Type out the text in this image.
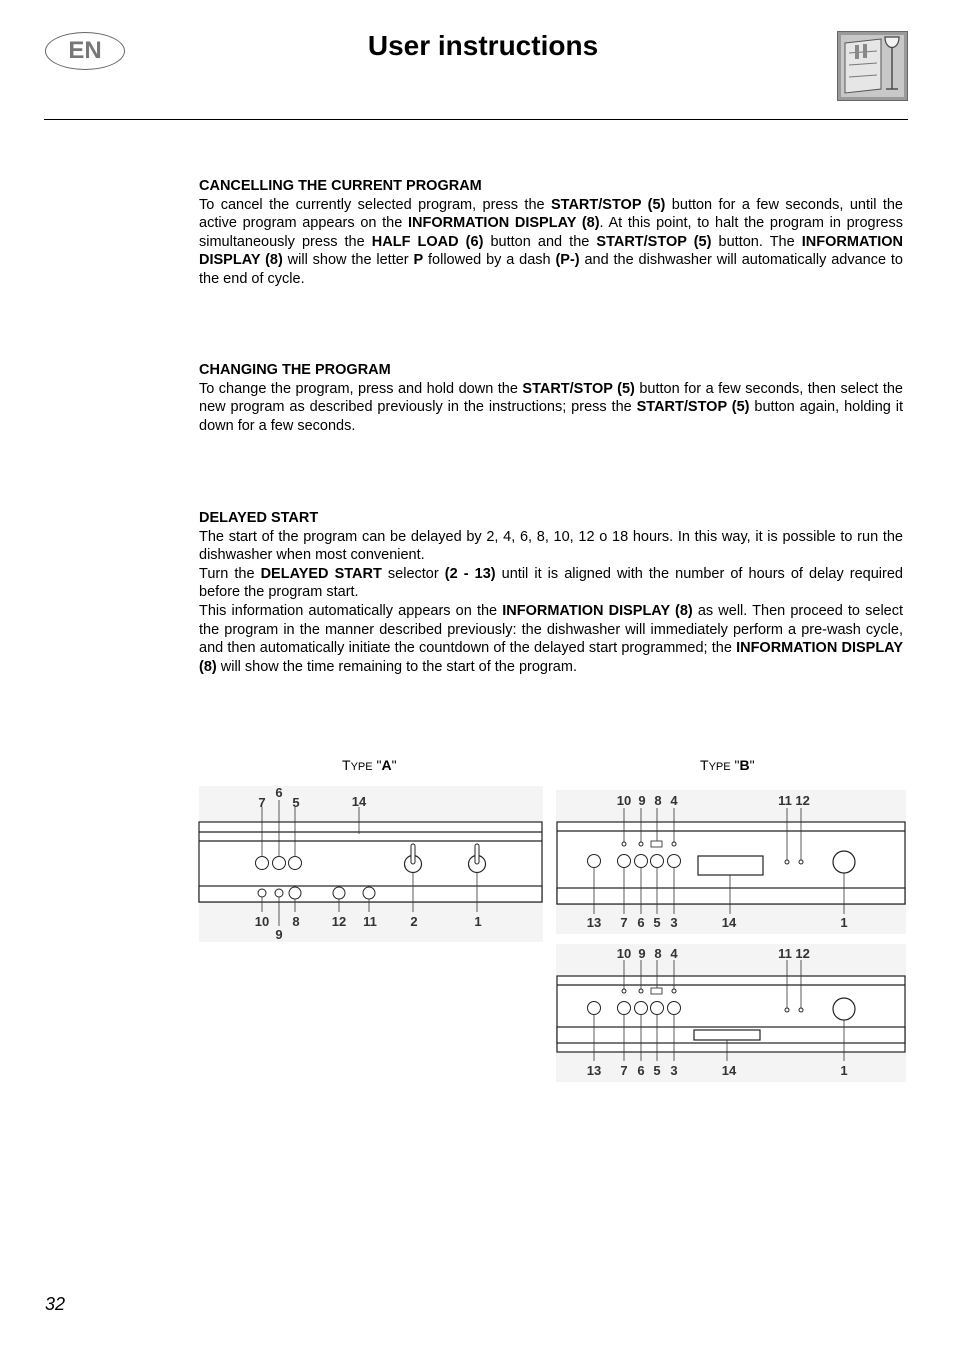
EN	User instructions
CANCELLING THE CURRENT PROGRAM

To cancel the currently selected program, press the START/STOP (5) button for a few seconds, until the active program appears on the INFORMATION DISPLAY (8). At this point, to halt the program in progress simultaneously press the HALF LOAD (6) button and the START/STOP (5) button. The INFORMATION DISPLAY (8) will show the letter P followed by a dash (P-) and the dishwasher will automatically advance to the end of cycle.

CHANGING THE PROGRAM

To change the program, press and hold down the START/STOP (5) button for a few seconds, then select the new program as described previously in the instructions; press the START/STOP (5) button again, holding it down for a few seconds.

DELAYED START

The start of the program can be delayed by 2, 4, 6, 8, 10, 12 o 18 hours. In this way, it is possible to run the dishwasher when most convenient.

Turn the DELAYED START selector (2 - 13) until it is aligned with the number of hours of delay required before the program start.

This information automatically appears on the INFORMATION DISPLAY (8) as well. Then proceed to select the program in the manner described previously: the dishwasher will immediately perform a pre-wash cycle, and then automatically initiate the countdown of the delayed start programmed; the INFORMATION DISPLAY (8) will show the time remaining to the start of the program.

TYPE "A"	TYPE "B"
7
6
5	14
10
9
8 12 11	2	1
10 9 8 4	11 12
13 7 6 5 3	14	1
10 9 8 4	11 12
13 7 6 5 3	14	1
32
